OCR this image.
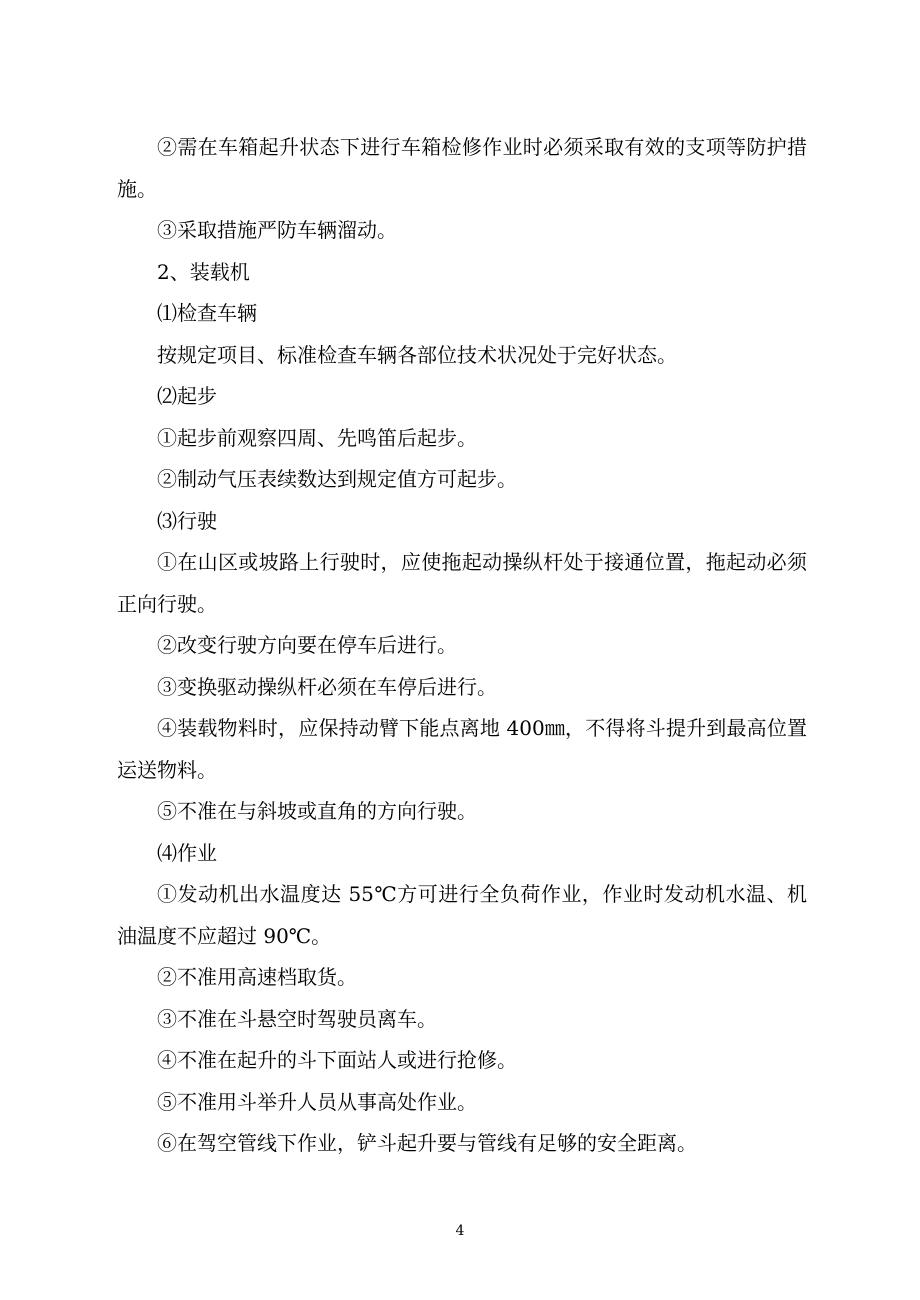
②需在车箱起升状态下进行车箱检修作业时必须采取有效的支项等防护措施。

③采取措施严防车辆溜动。

2、装载机

⑴检查车辆

按规定项目、标准检查车辆各部位技术状况处于完好状态。

⑵起步

①起步前观察四周、先鸣笛后起步。

②制动气压表续数达到规定值方可起步。

⑶行驶

①在山区或坡路上行驶时，应使拖起动操纵杆处于接通位置，拖起动必须正向行驶。

②改变行驶方向要在停车后进行。

③变换驱动操纵杆必须在车停后进行。

④装载物料时，应保持动臂下能点离地 400㎜，不得将斗提升到最高位置运送物料。

⑤不准在与斜坡或直角的方向行驶。

⑷作业

①发动机出水温度达 55℃方可进行全负荷作业，作业时发动机水温、机油温度不应超过 90℃。

②不准用高速档取货。

③不准在斗悬空时驾驶员离车。

④不准在起升的斗下面站人或进行抢修。

⑤不准用斗举升人员从事高处作业。

⑥在驾空管线下作业，铲斗起升要与管线有足够的安全距离。

4
